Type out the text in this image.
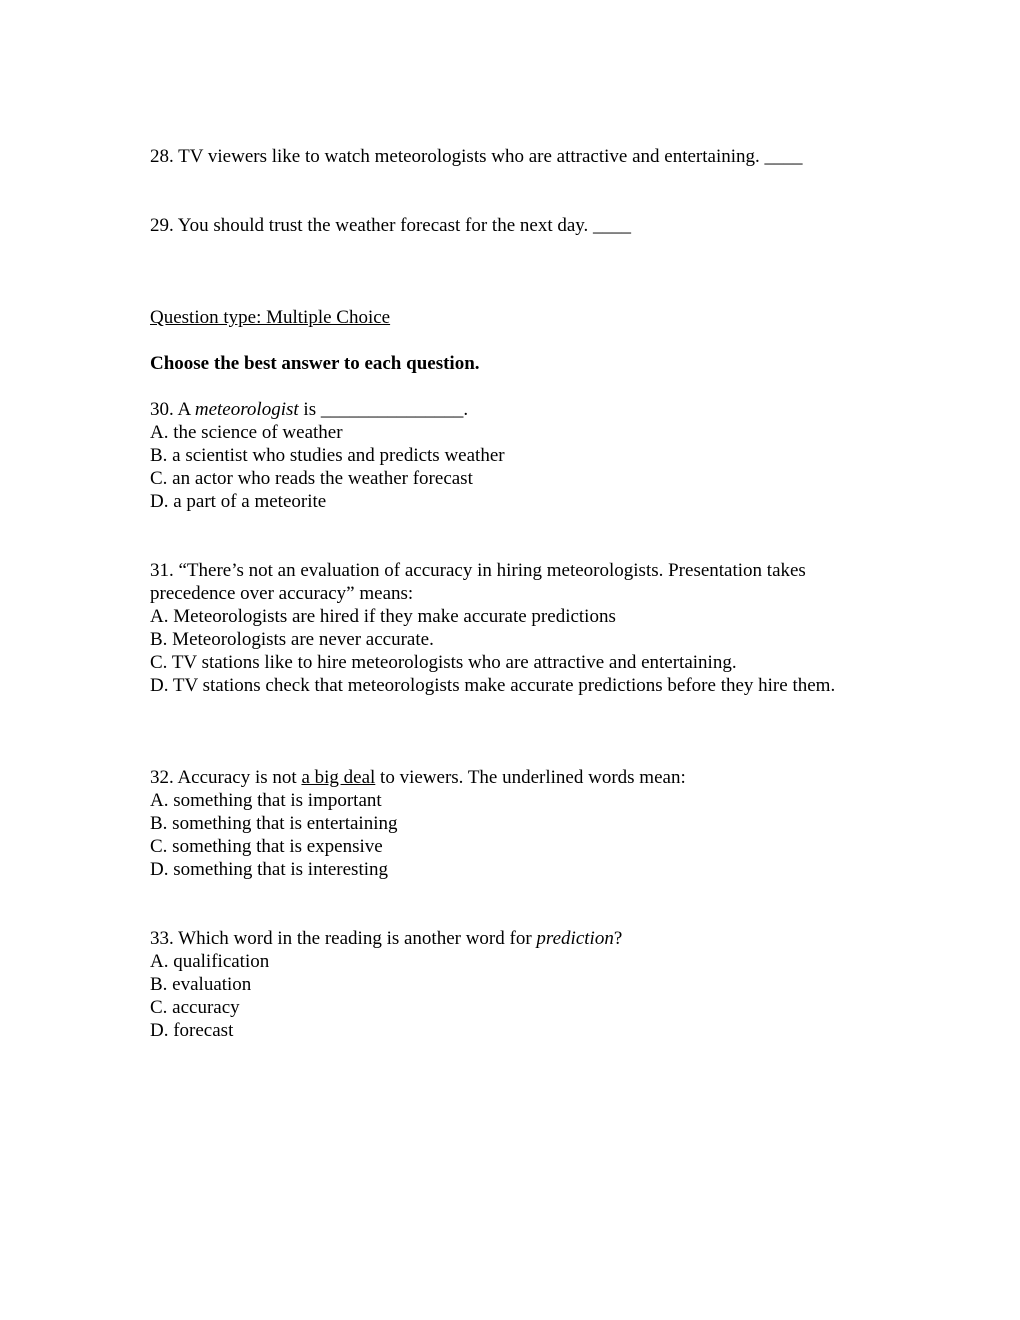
28. TV viewers like to watch meteorologists who are attractive and entertaining. ____
29. You should trust the weather forecast for the next day. ____
Question type: Multiple Choice
Choose the best answer to each question.
30. A meteorologist is _______________.
A. the science of weather
B. a scientist who studies and predicts weather
C. an actor who reads the weather forecast
D. a part of a meteorite
31. “There’s not an evaluation of accuracy in hiring meteorologists. Presentation takes precedence over accuracy” means:
A. Meteorologists are hired if they make accurate predictions
B. Meteorologists are never accurate.
C. TV stations like to hire meteorologists who are attractive and entertaining.
D. TV stations check that meteorologists make accurate predictions before they hire them.
32. Accuracy is not a big deal to viewers. The underlined words mean:
A. something that is important
B. something that is entertaining
C. something that is expensive
D. something that is interesting
33. Which word in the reading is another word for prediction?
A. qualification
B. evaluation
C. accuracy
D. forecast
